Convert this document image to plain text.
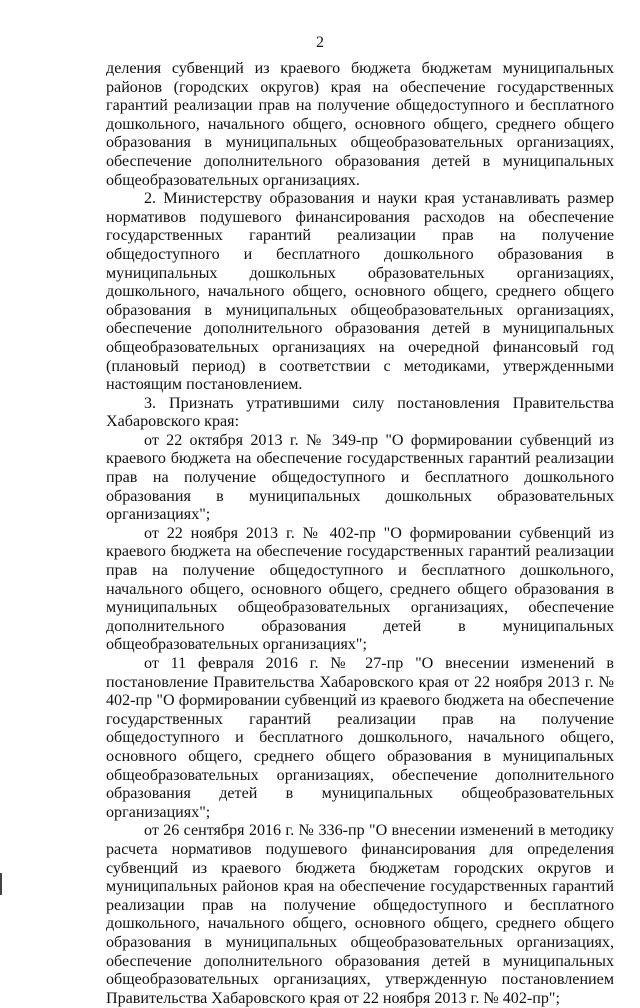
2

деления субвенций из краевого бюджета бюджетам муниципальных районов (городских округов) края на обеспечение государственных гарантий реализации прав на получение общедоступного и бесплатного дошкольного, начального общего, основного общего, среднего общего образования в муниципальных общеобразовательных организациях, обеспечение дополнительного образования детей в муниципальных общеобразовательных организациях.

2. Министерству образования и науки края устанавливать размер нормативов подушевого финансирования расходов на обеспечение государственных гарантий реализации прав на получение общедоступного и бесплатного дошкольного образования в муниципальных дошкольных образовательных организациях, дошкольного, начального общего, основного общего, среднего общего образования в муниципальных общеобразовательных организациях, обеспечение дополнительного образования детей в муниципальных общеобразовательных организациях на очередной финансовый год (плановый период) в соответствии с методиками, утвержденными настоящим постановлением.

3. Признать утратившими силу постановления Правительства Хабаровского края:

от 22 октября 2013 г. № 349-пр "О формировании субвенций из краевого бюджета на обеспечение государственных гарантий реализации прав на получение общедоступного и бесплатного дошкольного образования в муниципальных дошкольных образовательных организациях";

от 22 ноября 2013 г. № 402-пр "О формировании субвенций из краевого бюджета на обеспечение государственных гарантий реализации прав на получение общедоступного и бесплатного дошкольного, начального общего, основного общего, среднего общего образования в муниципальных общеобразовательных организациях, обеспечение дополнительного образования детей в муниципальных общеобразовательных организациях";

от 11 февраля 2016 г. № 27-пр "О внесении изменений в постановление Правительства Хабаровского края от 22 ноября 2013 г. № 402-пр "О формировании субвенций из краевого бюджета на обеспечение государственных гарантий реализации прав на получение общедоступного и бесплатного дошкольного, начального общего, основного общего, среднего общего образования в муниципальных общеобразовательных организациях, обеспечение дополнительного образования детей в муниципальных общеобразовательных организациях";

от 26 сентября 2016 г. № 336-пр "О внесении изменений в методику расчета нормативов подушевого финансирования для определения субвенций из краевого бюджета бюджетам городских округов и муниципальных районов края на обеспечение государственных гарантий реализации прав на получение общедоступного и бесплатного дошкольного, начального общего, основного общего, среднего общего образования в муниципальных общеобразовательных организациях, обеспечение дополнительного образования детей в муниципальных общеобразовательных организациях, утвержденную постановлением Правительства Хабаровского края от 22 ноября 2013 г. № 402-пр";
